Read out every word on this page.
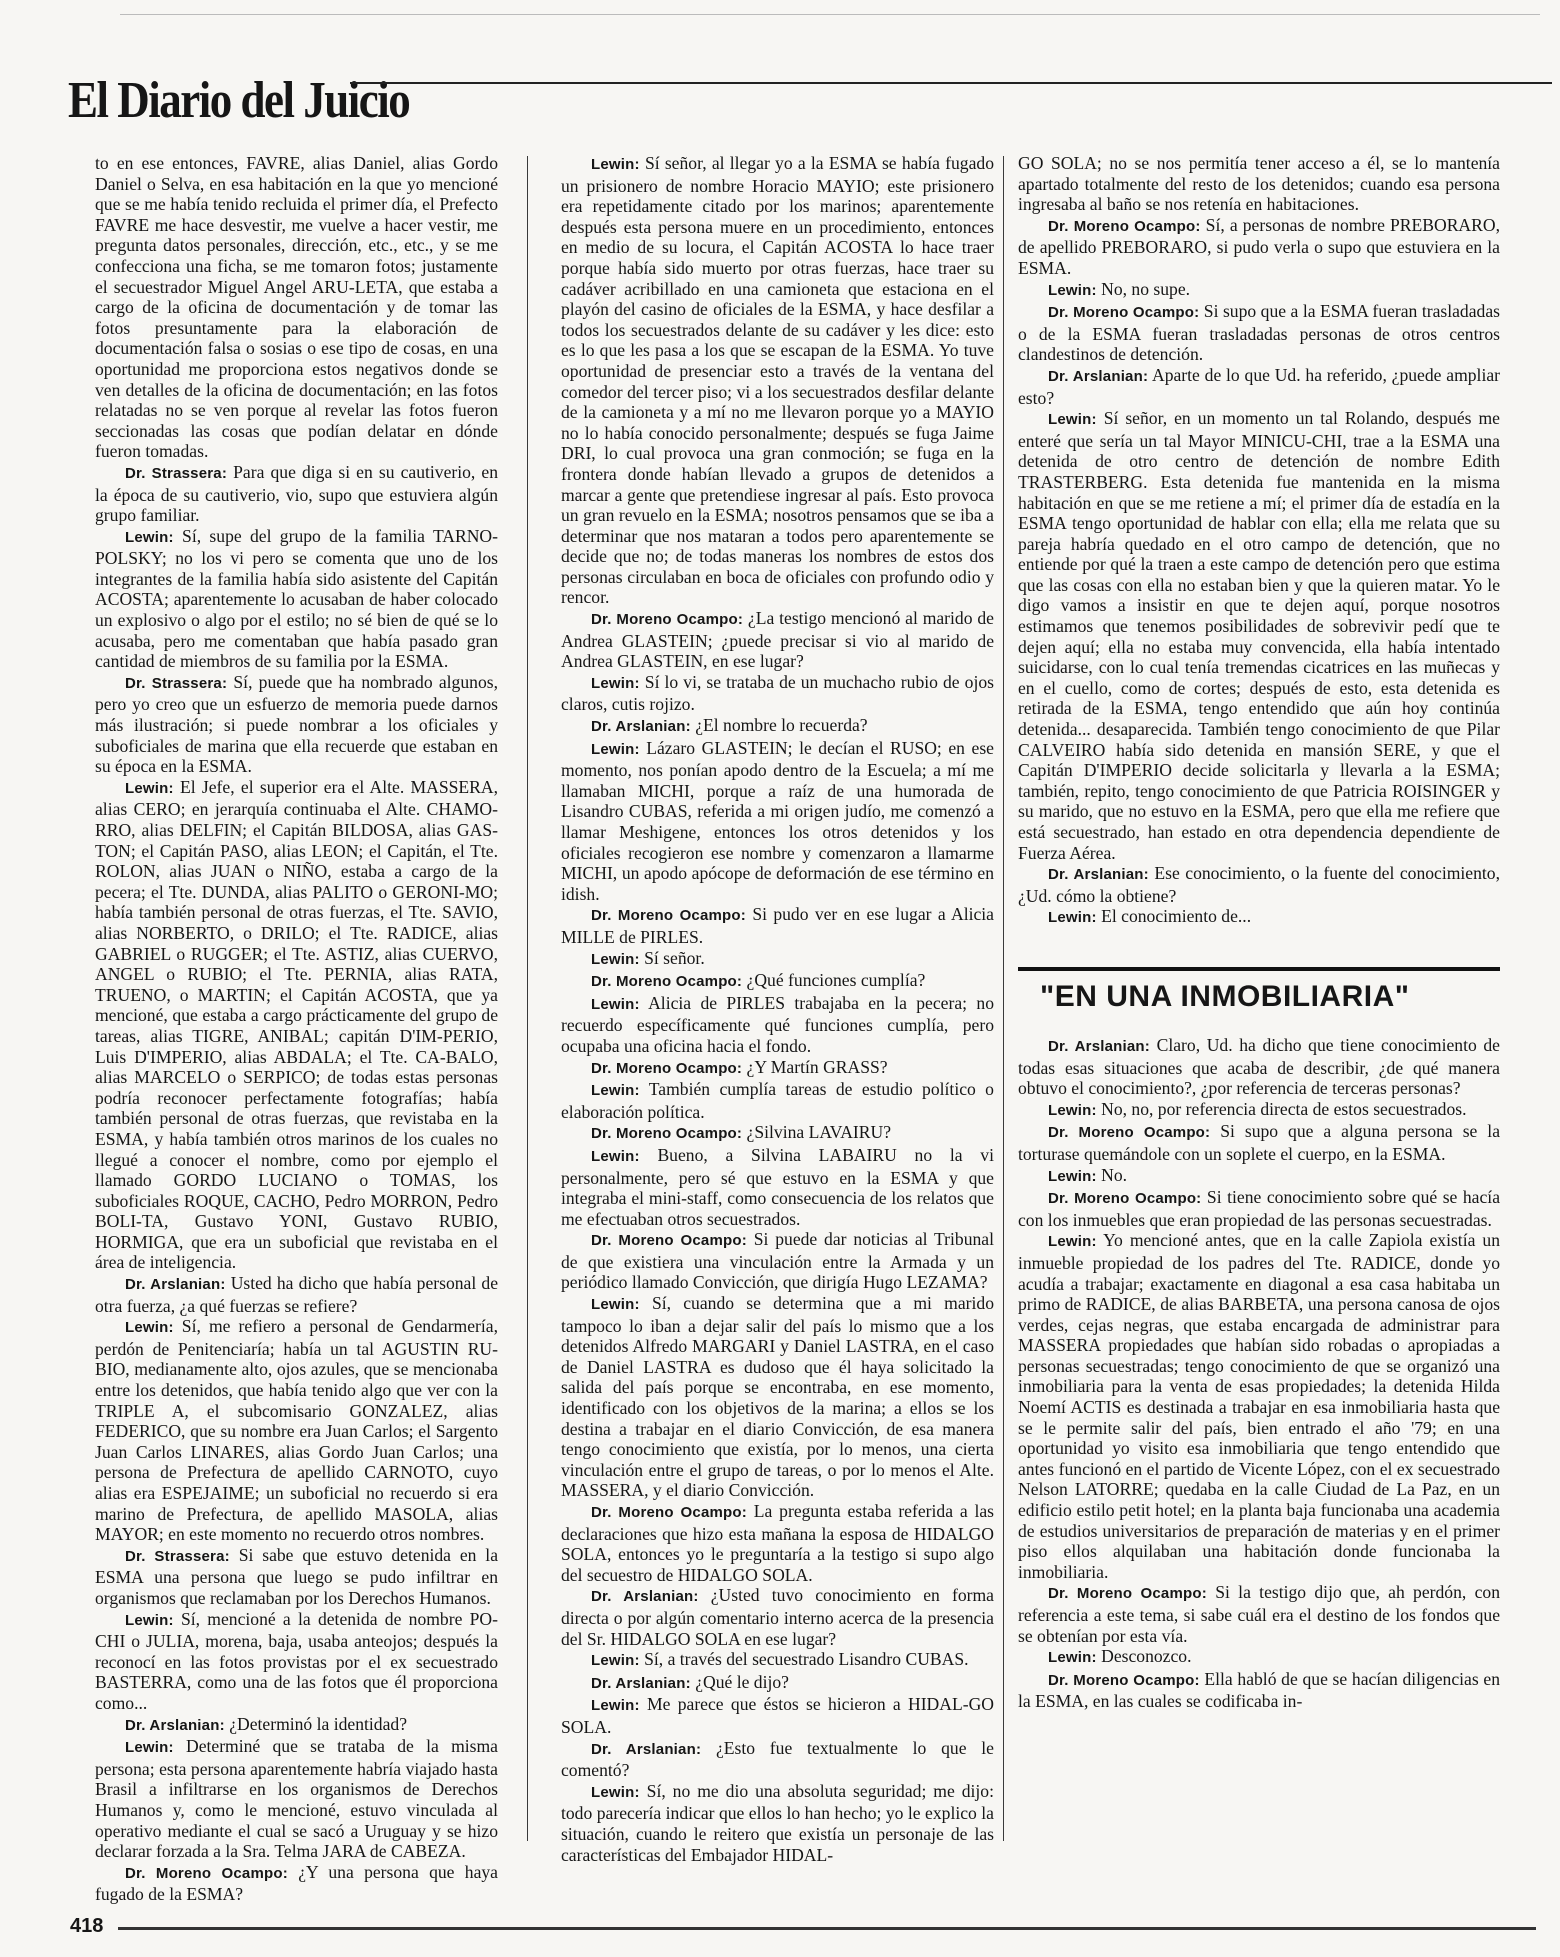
El Diario del Juicio

to en ese entonces, FAVRE, alias Daniel, alias Gordo Daniel o Selva, en esa habitación en la que yo mencioné que se me había tenido recluida el primer día, el Prefecto FAVRE me hace desvestir, me vuelve a hacer vestir, me pregunta datos personales, dirección, etc., etc., y se me confecciona una ficha, se me tomaron fotos; justamente el secuestrador Miguel Angel ARU-LETA, que estaba a cargo de la oficina de documentación y de tomar las fotos presuntamente para la elaboración de documentación falsa o sosias o ese tipo de cosas, en una oportunidad me proporciona estos negativos donde se ven detalles de la oficina de documentación; en las fotos relatadas no se ven porque al revelar las fotos fueron seccionadas las cosas que podían delatar en dónde fueron tomadas.

Dr. Strassera: Para que diga si en su cautiverio, en la época de su cautiverio, vio, supo que estuviera algún grupo familiar.

Lewin: Sí, supe del grupo de la familia TARNO-POLSKY; no los vi pero se comenta que uno de los integrantes de la familia había sido asistente del Capitán ACOSTA; aparentemente lo acusaban de haber colocado un explosivo o algo por el estilo; no sé bien de qué se lo acusaba, pero me comentaban que había pasado gran cantidad de miembros de su familia por la ESMA.

Dr. Strassera: Sí, puede que ha nombrado algunos, pero yo creo que un esfuerzo de memoria puede darnos más ilustración; si puede nombrar a los oficiales y suboficiales de marina que ella recuerde que estaban en su época en la ESMA.

Lewin: El Jefe, el superior era el Alte. MASSERA, alias CERO; en jerarquía continuaba el Alte. CHAMO-RRO, alias DELFIN; el Capitán BILDOSA, alias GAS-TON; el Capitán PASO, alias LEON; el Capitán, el Tte. ROLON, alias JUAN o NIÑO, estaba a cargo de la pecera; el Tte. DUNDA, alias PALITO o GERONI-MO; había también personal de otras fuerzas, el Tte. SAVIO, alias NORBERTO, o DRILO; el Tte. RADICE, alias GABRIEL o RUGGER; el Tte. ASTIZ, alias CUERVO, ANGEL o RUBIO; el Tte. PERNIA, alias RATA, TRUENO, o MARTIN; el Capitán ACOSTA, que ya mencioné, que estaba a cargo prácticamente del grupo de tareas, alias TIGRE, ANIBAL; capitán D'IM-PERIO, Luis D'IMPERIO, alias ABDALA; el Tte. CA-BALO, alias MARCELO o SERPICO; de todas estas personas podría reconocer perfectamente fotografías; había también personal de otras fuerzas, que revistaba en la ESMA, y había también otros marinos de los cuales no llegué a conocer el nombre, como por ejemplo el llamado GORDO LUCIANO o TOMAS, los suboficiales ROQUE, CACHO, Pedro MORRON, Pedro BOLI-TA, Gustavo YONI, Gustavo RUBIO, HORMIGA, que era un suboficial que revistaba en el área de inteligencia.

Dr. Arslanian: Usted ha dicho que había personal de otra fuerza, ¿a qué fuerzas se refiere?

Lewin: Sí, me refiero a personal de Gendarmería, perdón de Penitenciaría; había un tal AGUSTIN RU-BIO, medianamente alto, ojos azules, que se mencionaba entre los detenidos, que había tenido algo que ver con la TRIPLE A, el subcomisario GONZALEZ, alias FEDERICO, que su nombre era Juan Carlos; el Sargento Juan Carlos LINARES, alias Gordo Juan Carlos; una persona de Prefectura de apellido CARNOTO, cuyo alias era ESPEJAIME; un suboficial no recuerdo si era marino de Prefectura, de apellido MASOLA, alias MAYOR; en este momento no recuerdo otros nombres.

Dr. Strassera: Si sabe que estuvo detenida en la ESMA una persona que luego se pudo infiltrar en organismos que reclamaban por los Derechos Humanos.

Lewin: Sí, mencioné a la detenida de nombre PO-CHI o JULIA, morena, baja, usaba anteojos; después la reconocí en las fotos provistas por el ex secuestrado BASTERRA, como una de las fotos que él proporciona como...

Dr. Arslanian: ¿Determinó la identidad?

Lewin: Determiné que se trataba de la misma persona; esta persona aparentemente habría viajado hasta Brasil a infiltrarse en los organismos de Derechos Humanos y, como le mencioné, estuvo vinculada al operativo mediante el cual se sacó a Uruguay y se hizo declarar forzada a la Sra. Telma JARA de CABEZA.

Dr. Moreno Ocampo: ¿Y una persona que haya fugado de la ESMA?

Lewin: Sí señor, al llegar yo a la ESMA se había fugado un prisionero de nombre Horacio MAYIO; este prisionero era repetidamente citado por los marinos; aparentemente después esta persona muere en un procedimiento, entonces en medio de su locura, el Capitán ACOSTA lo hace traer porque había sido muerto por otras fuerzas, hace traer su cadáver acribillado en una camioneta que estaciona en el playón del casino de oficiales de la ESMA, y hace desfilar a todos los secuestrados delante de su cadáver y les dice: esto es lo que les pasa a los que se escapan de la ESMA. Yo tuve oportunidad de presenciar esto a través de la ventana del comedor del tercer piso; vi a los secuestrados desfilar delante de la camioneta y a mí no me llevaron porque yo a MAYIO no lo había conocido personalmente; después se fuga Jaime DRI, lo cual provoca una gran conmoción; se fuga en la frontera donde habían llevado a grupos de detenidos a marcar a gente que pretendiese ingresar al país. Esto provoca un gran revuelo en la ESMA; nosotros pensamos que se iba a determinar que nos mataran a todos pero aparentemente se decide que no; de todas maneras los nombres de estos dos personas circulaban en boca de oficiales con profundo odio y rencor.

Dr. Moreno Ocampo: ¿La testigo mencionó al marido de Andrea GLASTEIN; ¿puede precisar si vio al marido de Andrea GLASTEIN, en ese lugar?

Lewin: Sí lo vi, se trataba de un muchacho rubio de ojos claros, cutis rojizo.

Dr. Arslanian: ¿El nombre lo recuerda?

Lewin: Lázaro GLASTEIN; le decían el RUSO; en ese momento, nos ponían apodo dentro de la Escuela; a mí me llamaban MICHI, porque a raíz de una humorada de Lisandro CUBAS, referida a mi origen judío, me comenzó a llamar Meshigene, entonces los otros detenidos y los oficiales recogieron ese nombre y comenzaron a llamarme MICHI, un apodo apócope de deformación de ese término en idish.

Dr. Moreno Ocampo: Si pudo ver en ese lugar a Alicia MILLE de PIRLES.

Lewin: Sí señor.

Dr. Moreno Ocampo: ¿Qué funciones cumplía?

Lewin: Alicia de PIRLES trabajaba en la pecera; no recuerdo específicamente qué funciones cumplía, pero ocupaba una oficina hacia el fondo.

Dr. Moreno Ocampo: ¿Y Martín GRASS?

Lewin: También cumplía tareas de estudio político o elaboración política.

Dr. Moreno Ocampo: ¿Silvina LAVAIRU?

Lewin: Bueno, a Silvina LABAIRU no la vi personalmente, pero sé que estuvo en la ESMA y que integraba el mini-staff, como consecuencia de los relatos que me efectuaban otros secuestrados.

Dr. Moreno Ocampo: Si puede dar noticias al Tribunal de que existiera una vinculación entre la Armada y un periódico llamado Convicción, que dirigía Hugo LEZAMA?

Lewin: Sí, cuando se determina que a mi marido tampoco lo iban a dejar salir del país lo mismo que a los detenidos Alfredo MARGARI y Daniel LASTRA, en el caso de Daniel LASTRA es dudoso que él haya solicitado la salida del país porque se encontraba, en ese momento, identificado con los objetivos de la marina; a ellos se los destina a trabajar en el diario Convicción, de esa manera tengo conocimiento que existía, por lo menos, una cierta vinculación entre el grupo de tareas, o por lo menos el Alte. MASSERA, y el diario Convicción.

Dr. Moreno Ocampo: La pregunta estaba referida a las declaraciones que hizo esta mañana la esposa de HIDALGO SOLA, entonces yo le preguntaría a la testigo si supo algo del secuestro de HIDALGO SOLA.

Dr. Arslanian: ¿Usted tuvo conocimiento en forma directa o por algún comentario interno acerca de la presencia del Sr. HIDALGO SOLA en ese lugar?

Lewin: Sí, a través del secuestrado Lisandro CUBAS.

Dr. Arslanian: ¿Qué le dijo?

Lewin: Me parece que éstos se hicieron a HIDAL-GO SOLA.

Dr. Arslanian: ¿Esto fue textualmente lo que le comentó?

Lewin: Sí, no me dio una absoluta seguridad; me dijo: todo parecería indicar que ellos lo han hecho; yo le explico la situación, cuando le reitero que existía un personaje de las características del Embajador HIDAL-

GO SOLA; no se nos permitía tener acceso a él, se lo mantenía apartado totalmente del resto de los detenidos; cuando esa persona ingresaba al baño se nos retenía en habitaciones.

Dr. Moreno Ocampo: Sí, a personas de nombre PREBORARO, de apellido PREBORARO, si pudo verla o supo que estuviera en la ESMA.

Lewin: No, no supe.

Dr. Moreno Ocampo: Si supo que a la ESMA fueran trasladadas o de la ESMA fueran trasladadas personas de otros centros clandestinos de detención.

Dr. Arslanian: Aparte de lo que Ud. ha referido, ¿puede ampliar esto?

Lewin: Sí señor, en un momento un tal Rolando, después me enteré que sería un tal Mayor MINICU-CHI, trae a la ESMA una detenida de otro centro de detención de nombre Edith TRASTERBERG. Esta detenida fue mantenida en la misma habitación en que se me retiene a mí; el primer día de estadía en la ESMA tengo oportunidad de hablar con ella; ella me relata que su pareja habría quedado en el otro campo de detención, que no entiende por qué la traen a este campo de detención pero que estima que las cosas con ella no estaban bien y que la quieren matar. Yo le digo vamos a insistir en que te dejen aquí, porque nosotros estimamos que tenemos posibilidades de sobrevivir pedí que te dejen aquí; ella no estaba muy convencida, ella había intentado suicidarse, con lo cual tenía tremendas cicatrices en las muñecas y en el cuello, como de cortes; después de esto, esta detenida es retirada de la ESMA, tengo entendido que aún hoy continúa detenida... desaparecida. También tengo conocimiento de que Pilar CALVEIRO había sido detenida en mansión SERE, y que el Capitán D'IMPERIO decide solicitarla y llevarla a la ESMA; también, repito, tengo conocimiento de que Patricia ROISINGER y su marido, que no estuvo en la ESMA, pero que ella me refiere que está secuestrado, han estado en otra dependencia dependiente de Fuerza Aérea.

Dr. Arslanian: Ese conocimiento, o la fuente del conocimiento, ¿Ud. cómo la obtiene?

Lewin: El conocimiento de...

"EN UNA INMOBILIARIA"

Dr. Arslanian: Claro, Ud. ha dicho que tiene conocimiento de todas esas situaciones que acaba de describir, ¿de qué manera obtuvo el conocimiento?, ¿por referencia de terceras personas?

Lewin: No, no, por referencia directa de estos secuestrados.

Dr. Moreno Ocampo: Si supo que a alguna persona se la torturase quemándole con un soplete el cuerpo, en la ESMA.

Lewin: No.

Dr. Moreno Ocampo: Si tiene conocimiento sobre qué se hacía con los inmuebles que eran propiedad de las personas secuestradas.

Lewin: Yo mencioné antes, que en la calle Zapiola existía un inmueble propiedad de los padres del Tte. RADICE, donde yo acudía a trabajar; exactamente en diagonal a esa casa habitaba un primo de RADICE, de alias BARBETA, una persona canosa de ojos verdes, cejas negras, que estaba encargada de administrar para MASSERA propiedades que habían sido robadas o apropiadas a personas secuestradas; tengo conocimiento de que se organizó una inmobiliaria para la venta de esas propiedades; la detenida Hilda Noemí ACTIS es destinada a trabajar en esa inmobiliaria hasta que se le permite salir del país, bien entrado el año '79; en una oportunidad yo visito esa inmobiliaria que tengo entendido que antes funcionó en el partido de Vicente López, con el ex secuestrado Nelson LATORRE; quedaba en la calle Ciudad de La Paz, en un edificio estilo petit hotel; en la planta baja funcionaba una academia de estudios universitarios de preparación de materias y en el primer piso ellos alquilaban una habitación donde funcionaba la inmobiliaria.

Dr. Moreno Ocampo: Si la testigo dijo que, ah perdón, con referencia a este tema, si sabe cuál era el destino de los fondos que se obtenían por esta vía.

Lewin: Desconozco.

Dr. Moreno Ocampo: Ella habló de que se hacían diligencias en la ESMA, en las cuales se codificaba in-

418
